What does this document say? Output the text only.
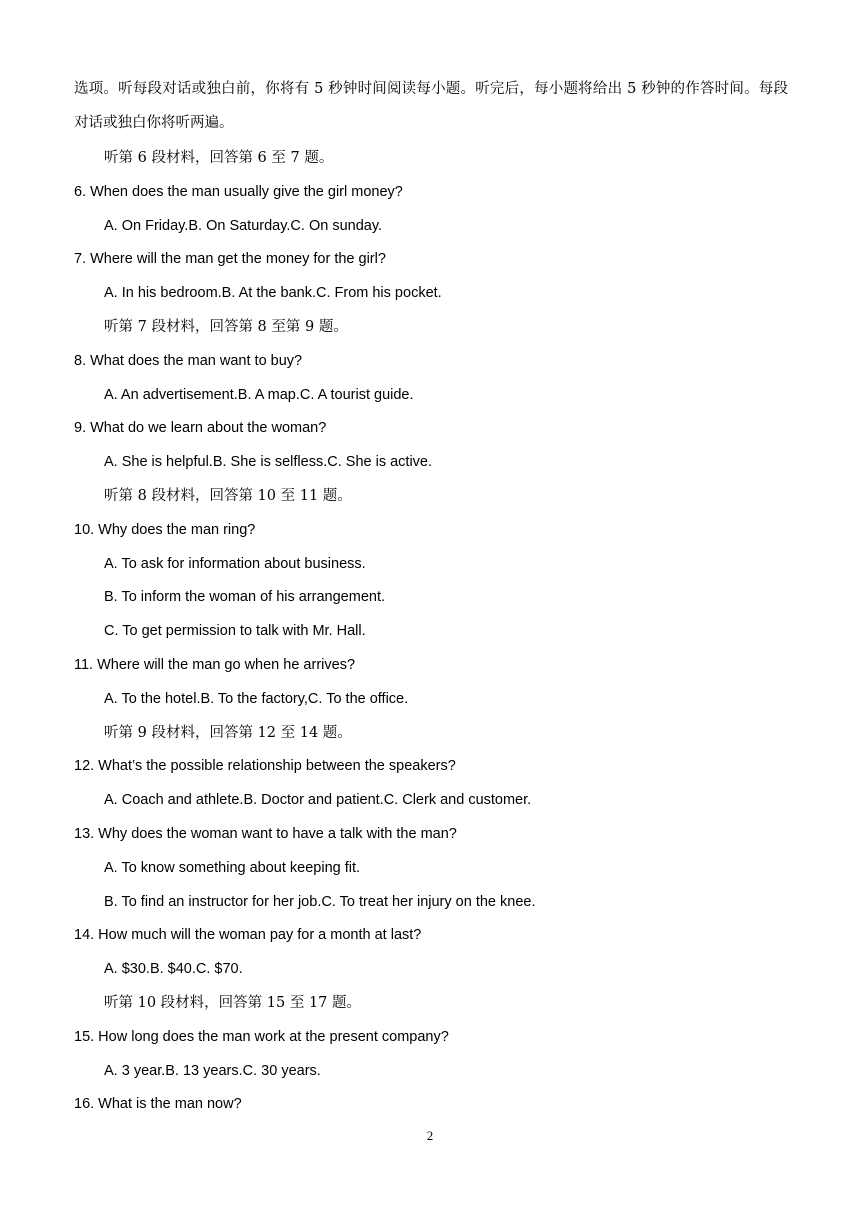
选项。听每段对话或独白前，你将有 5 秒钟时间阅读每小题。听完后，每小题将给出 5 秒钟的作答时间。每段对话或独白你将听两遍。
听第 6 段材料，回答第 6 至 7 题。
6. When does the man usually give the girl money?
A. On Friday.B. On Saturday.C. On sunday.
7. Where will the man get the money for the girl?
A. In his bedroom.B. At the bank.C. From his pocket.
听第 7 段材料，回答第 8 至第 9 题。
8. What does the man want to buy?
A. An advertisement.B. A map.C. A tourist guide.
9. What do we learn about the woman?
A. She is helpful.B. She is selfless.C. She is active.
听第 8 段材料，回答第 10 至 11 题。
10. Why does the man ring?
A. To ask for information about business.
B. To inform the woman of his arrangement.
C. To get permission to talk with Mr. Hall.
11. Where will the man go when he arrives?
A. To the hotel.B. To the factory,C. To the office.
听第 9 段材料，回答第 12 至 14 题。
12. What’s the possible relationship between the speakers?
A. Coach and athlete.B. Doctor and patient.C. Clerk and customer.
13. Why does the woman want to have a talk with the man?
A. To know something about keeping fit.
B. To find an instructor for her job.C. To treat her injury on the knee.
14. How much will the woman pay for a month at last?
A. $30.B. $40.C. $70.
听第 10 段材料，回答第 15 至 17 题。
15. How long does the man work at the present company?
A. 3 year.B. 13 years.C. 30 years.
16. What is the man now?
2
